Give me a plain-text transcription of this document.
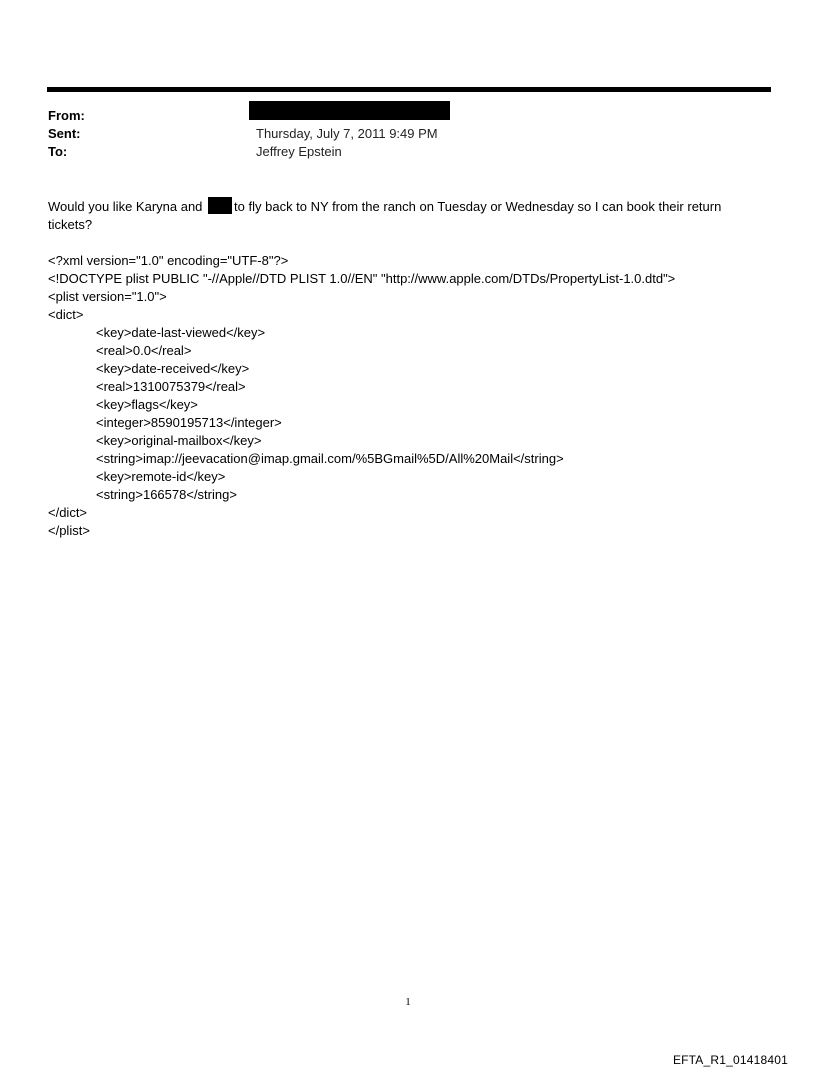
From:
Sent:	Thursday, July 7, 2011 9:49 PM
To:	Jeffrey Epstein

Would you like Karyna and to fly back to NY from the ranch on Tuesday or Wednesday so I can book their return tickets?

<?xml version="1.0" encoding="UTF-8"?>
<!DOCTYPE plist PUBLIC "-//Apple//DTD PLIST 1.0//EN" "http://www.apple.com/DTDs/PropertyList-1.0.dtd">
<plist version="1.0">
<dict>
<key>date-last-viewed</key>
<real>0.0</real>
<key>date-received</key>
<real>1310075379</real>
<key>flags</key>
<integer>8590195713</integer>
<key>original-mailbox</key>
<string>imap://jeevacation@imap.gmail.com/%5BGmail%5D/All%20Mail</string>
<key>remote-id</key>
<string>166578</string>
</dict>
</plist>
1
EFTA_R1_01418401
